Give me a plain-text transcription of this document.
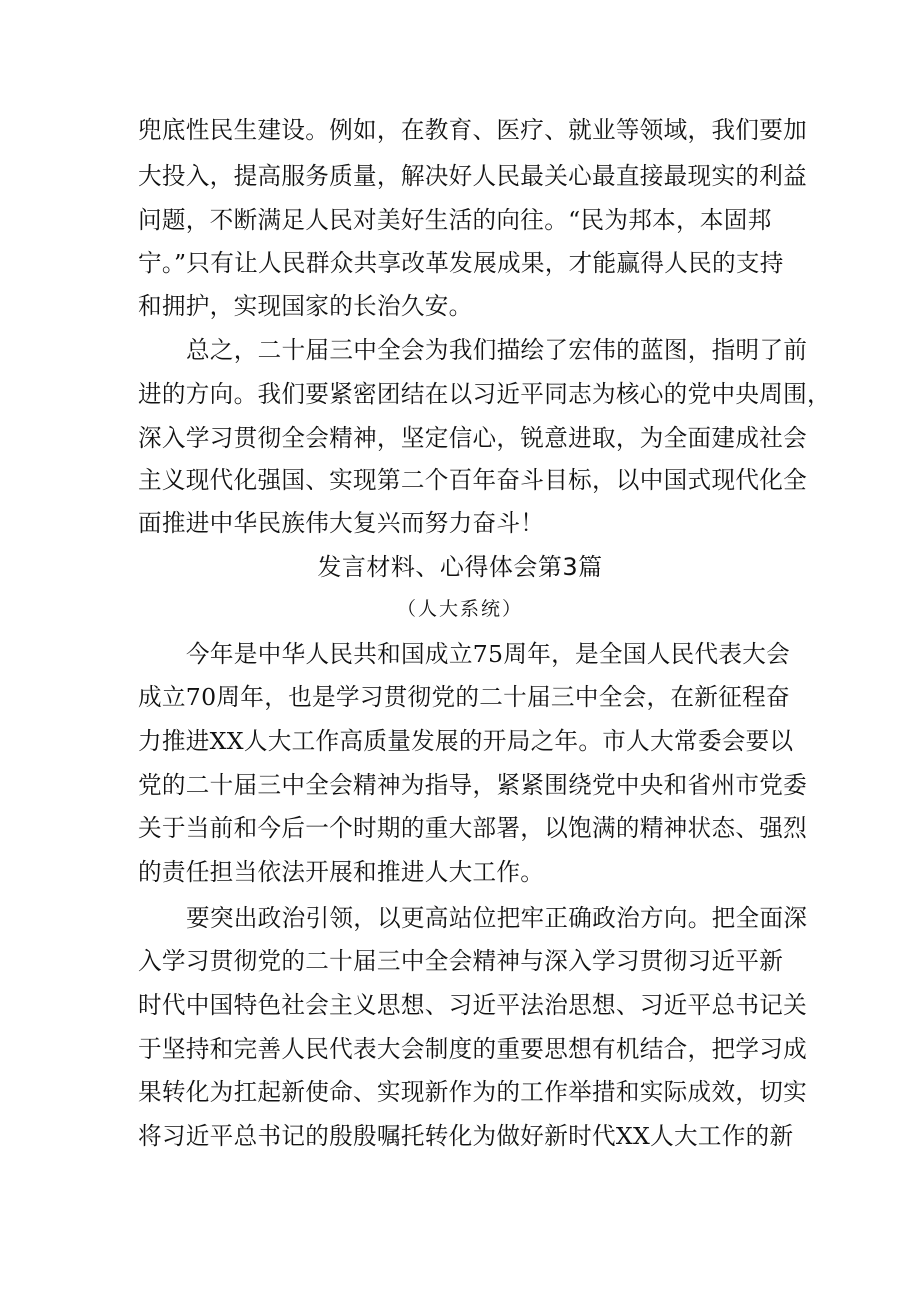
兜底性民生建设。例如，在教育、医疗、就业等领域，我们要加
大投入，提高服务质量，解决好人民最关心最直接最现实的利益
问题，不断满足人民对美好生活的向往。“民为邦本，本固邦
宁。”只有让人民群众共享改革发展成果，才能赢得人民的支持
和拥护，实现国家的长治久安。
总之，二十届三中全会为我们描绘了宏伟的蓝图，指明了前
进的方向。我们要紧密团结在以习近平同志为核心的党中央周围，
深入学习贯彻全会精神，坚定信心，锐意进取，为全面建成社会
主义现代化强国、实现第二个百年奋斗目标，以中国式现代化全
面推进中华民族伟大复兴而努力奋斗！
发言材料、心得体会第3篇
（人大系统）
今年是中华人民共和国成立75周年，是全国人民代表大会
成立70周年，也是学习贯彻党的二十届三中全会，在新征程奋
力推进XX人大工作高质量发展的开局之年。市人大常委会要以
党的二十届三中全会精神为指导，紧紧围绕党中央和省州市党委
关于当前和今后一个时期的重大部署，以饱满的精神状态、强烈
的责任担当依法开展和推进人大工作。
要突出政治引领，以更高站位把牢正确政治方向。把全面深
入学习贯彻党的二十届三中全会精神与深入学习贯彻习近平新
时代中国特色社会主义思想、习近平法治思想、习近平总书记关
于坚持和完善人民代表大会制度的重要思想有机结合，把学习成
果转化为扛起新使命、实现新作为的工作举措和实际成效，切实
将习近平总书记的殷殷嘱托转化为做好新时代XX人大工作的新
